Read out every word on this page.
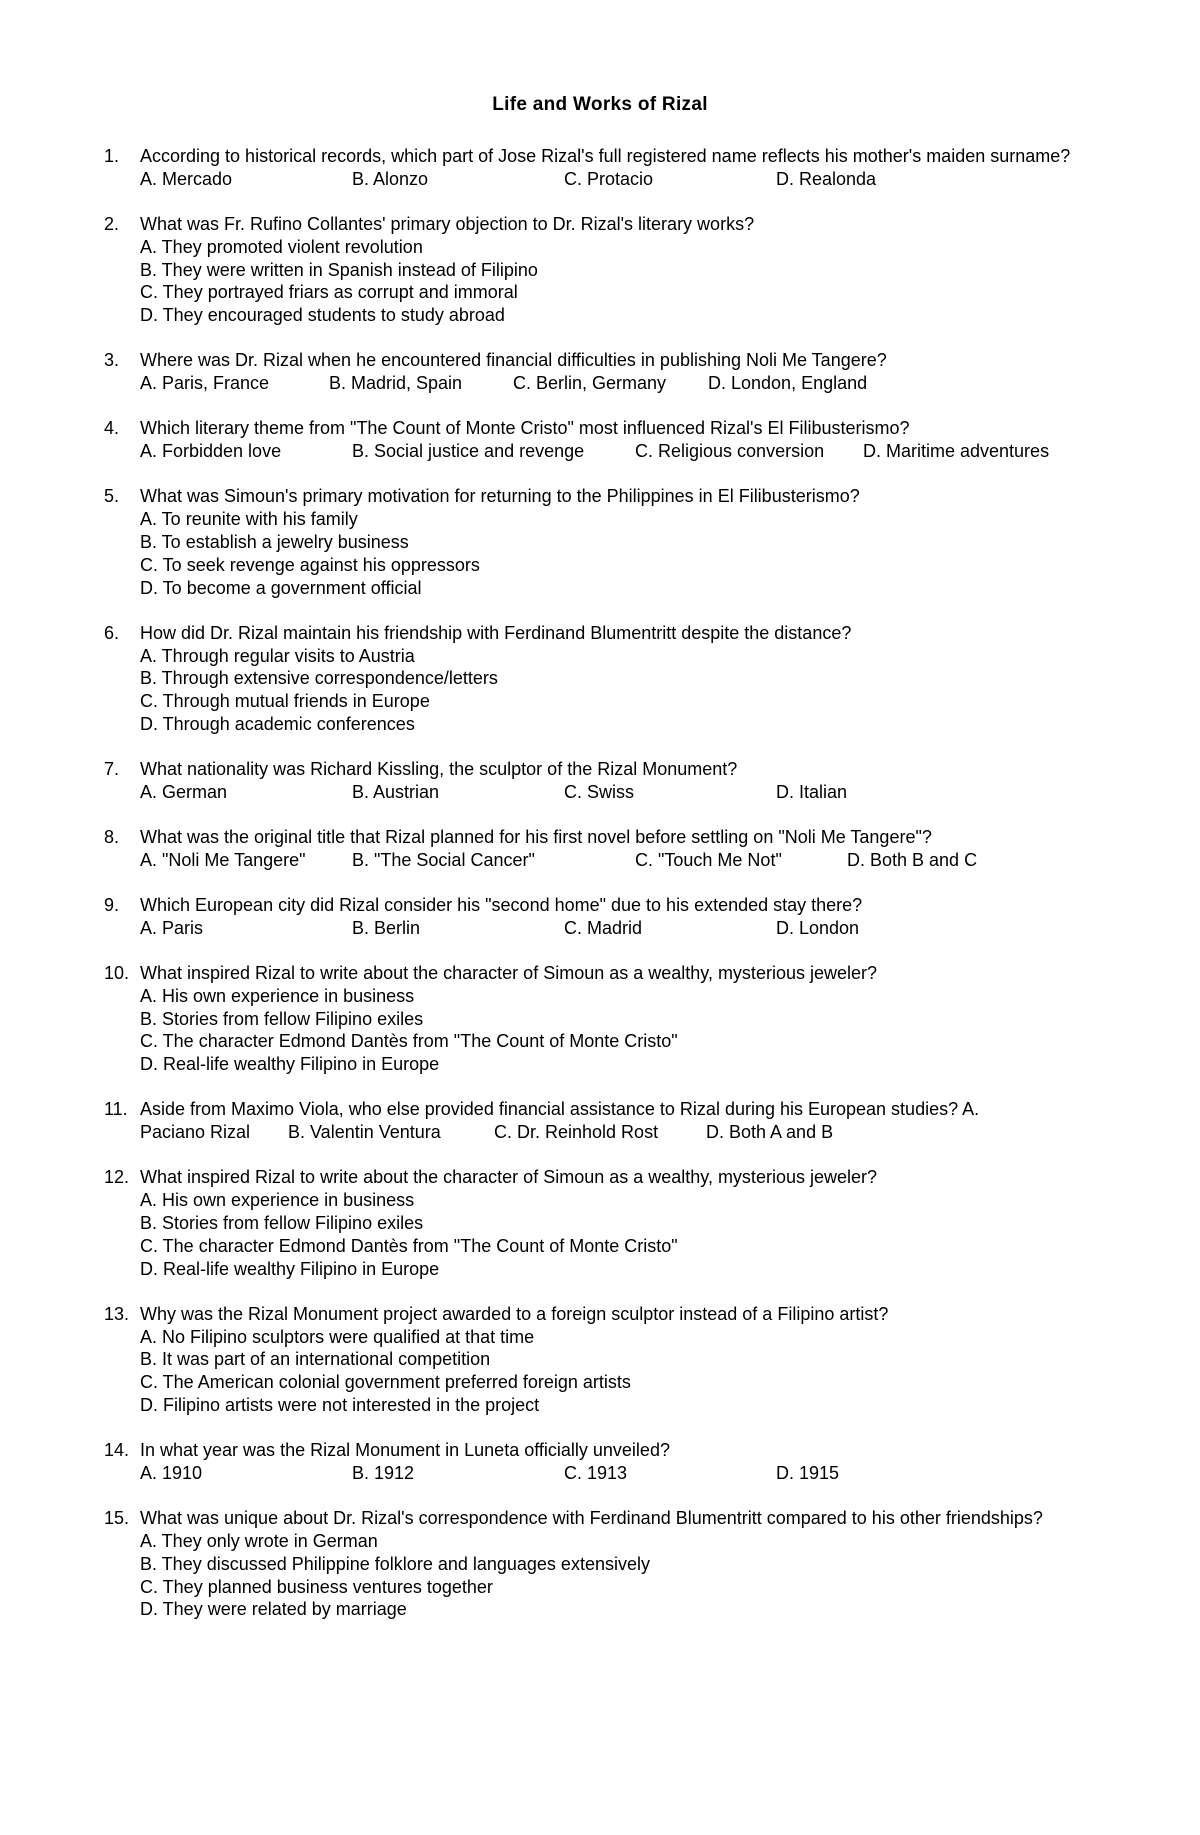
Life and Works of Rizal
1.	According to historical records, which part of Jose Rizal's full registered name reflects his mother's maiden surname?
A. Mercado	B. Alonzo	C. Protacio	D. Realonda
2.	What was Fr. Rufino Collantes' primary objection to Dr. Rizal's literary works?
A. They promoted violent revolution
B. They were written in Spanish instead of Filipino
C. They portrayed friars as corrupt and immoral
D. They encouraged students to study abroad
3.	Where was Dr. Rizal when he encountered financial difficulties in publishing Noli Me Tangere?
A. Paris, France	B. Madrid, Spain	C. Berlin, Germany D. London, England
4.	Which literary theme from "The Count of Monte Cristo" most influenced Rizal's El Filibusterismo?
A. Forbidden love	B. Social justice and revenge	C. Religious conversion D. Maritime adventures
5.	What was Simoun's primary motivation for returning to the Philippines in El Filibusterismo?
A. To reunite with his family
B. To establish a jewelry business
C. To seek revenge against his oppressors
D. To become a government official
6.	How did Dr. Rizal maintain his friendship with Ferdinand Blumentritt despite the distance?
A. Through regular visits to Austria
B. Through extensive correspondence/letters
C. Through mutual friends in Europe
D. Through academic conferences
7.	What nationality was Richard Kissling, the sculptor of the Rizal Monument?
A. German	B. Austrian	C. Swiss	D. Italian
8.	What was the original title that Rizal planned for his first novel before settling on "Noli Me Tangere"?
A. "Noli Me Tangere"	B. "The Social Cancer"	C. "Touch Me Not"	D. Both B and C
9.	Which European city did Rizal consider his "second home" due to his extended stay there?
A. Paris	B. Berlin	C. Madrid	D. London
10. What inspired Rizal to write about the character of Simoun as a wealthy, mysterious jeweler?
A. His own experience in business
B. Stories from fellow Filipino exiles
C. The character Edmond Dantès from "The Count of Monte Cristo"
D. Real-life wealthy Filipino in Europe
11. Aside from Maximo Viola, who else provided financial assistance to Rizal during his European studies? A.
Paciano Rizal B. Valentin Ventura	C. Dr. Reinhold Rost	D. Both A and B
12. What inspired Rizal to write about the character of Simoun as a wealthy, mysterious jeweler?
A. His own experience in business
B. Stories from fellow Filipino exiles
C. The character Edmond Dantès from "The Count of Monte Cristo"
D. Real-life wealthy Filipino in Europe
13. Why was the Rizal Monument project awarded to a foreign sculptor instead of a Filipino artist?
A. No Filipino sculptors were qualified at that time
B. It was part of an international competition
C. The American colonial government preferred foreign artists
D. Filipino artists were not interested in the project
14. In what year was the Rizal Monument in Luneta officially unveiled?
A. 1910	B. 1912	C. 1913	D. 1915
15. What was unique about Dr. Rizal's correspondence with Ferdinand Blumentritt compared to his other friendships?
A. They only wrote in German
B. They discussed Philippine folklore and languages extensively
C. They planned business ventures together
D. They were related by marriage
